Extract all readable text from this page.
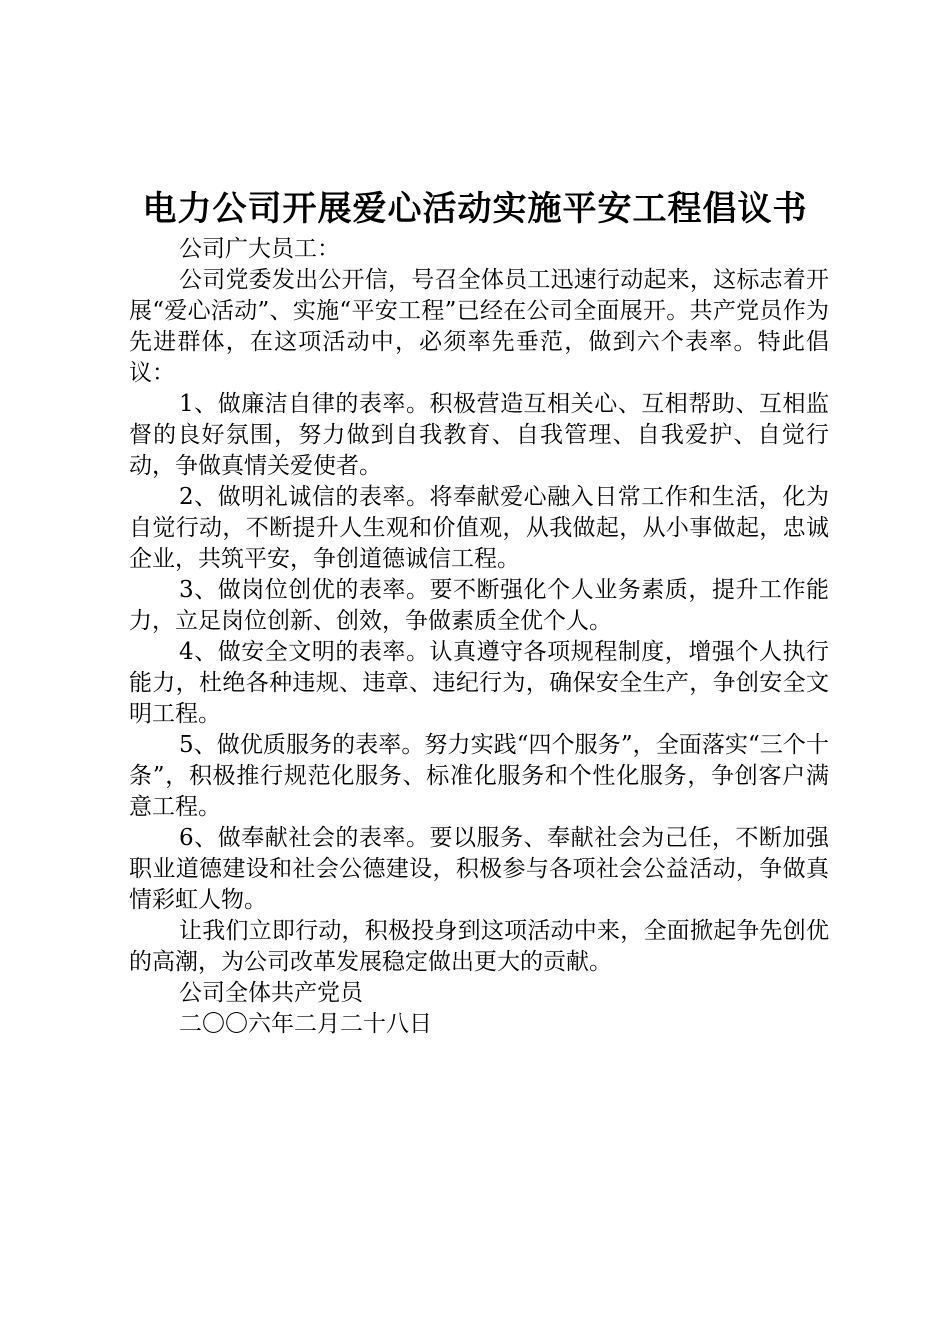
电力公司开展爱心活动实施平安工程倡议书

公司广大员工：

公司党委发出公开信，号召全体员工迅速行动起来，这标志着开展“爱心活动”、实施“平安工程”已经在公司全面展开。共产党员作为先进群体，在这项活动中，必须率先垂范，做到六个表率。特此倡议：

1、做廉洁自律的表率。积极营造互相关心、互相帮助、互相监督的良好氛围，努力做到自我教育、自我管理、自我爱护、自觉行动，争做真情关爱使者。

2、做明礼诚信的表率。将奉献爱心融入日常工作和生活，化为自觉行动，不断提升人生观和价值观，从我做起，从小事做起，忠诚企业，共筑平安，争创道德诚信工程。

3、做岗位创优的表率。要不断强化个人业务素质，提升工作能力，立足岗位创新、创效，争做素质全优个人。

4、做安全文明的表率。认真遵守各项规程制度，增强个人执行能力，杜绝各种违规、违章、违纪行为，确保安全生产，争创安全文明工程。

5、做优质服务的表率。努力实践“四个服务”，全面落实“三个十条”，积极推行规范化服务、标准化服务和个性化服务，争创客户满意工程。

6、做奉献社会的表率。要以服务、奉献社会为己任，不断加强职业道德建设和社会公德建设，积极参与各项社会公益活动，争做真情彩虹人物。

让我们立即行动，积极投身到这项活动中来，全面掀起争先创优的高潮，为公司改革发展稳定做出更大的贡献。

公司全体共产党员

二〇〇六年二月二十八日
